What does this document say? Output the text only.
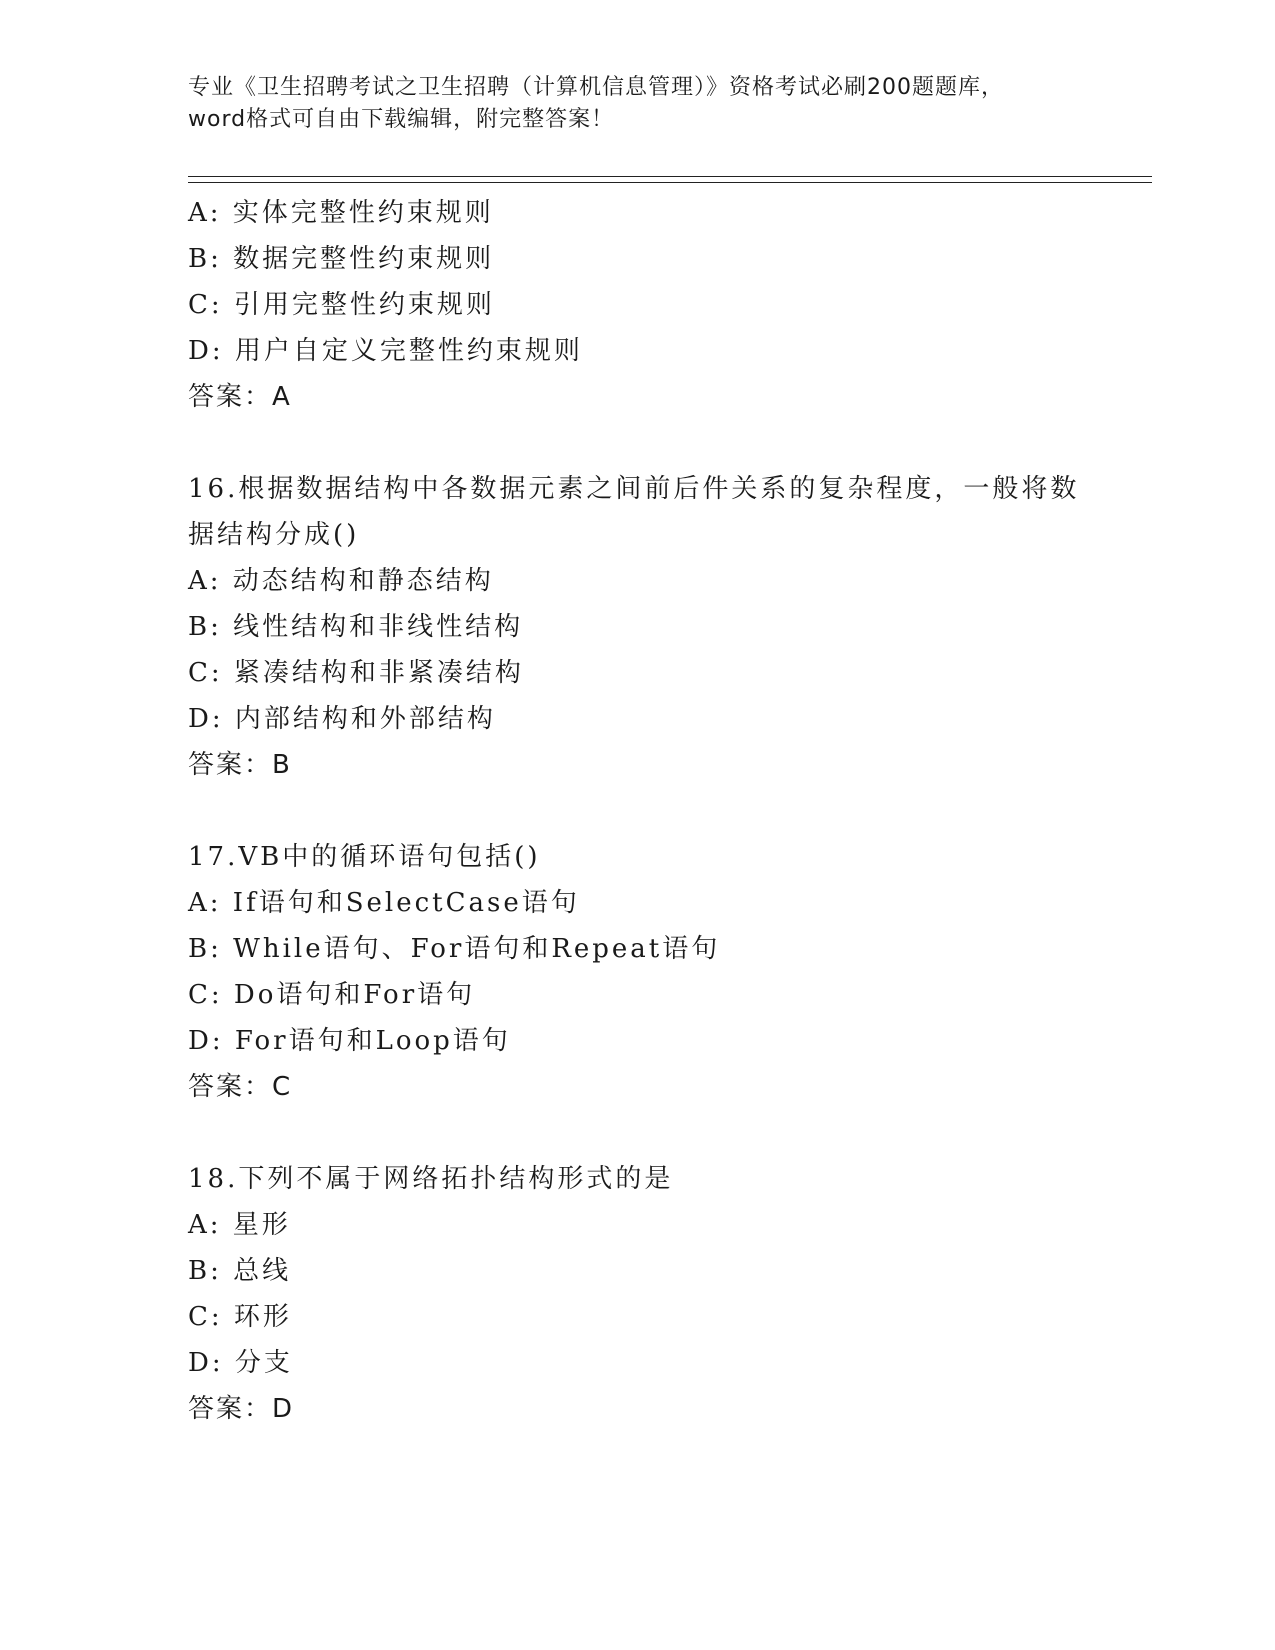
专业《卫生招聘考试之卫生招聘（计算机信息管理）》资格考试必刷200题题库，
word格式可自由下载编辑，附完整答案！
A: 实体完整性约束规则
B: 数据完整性约束规则
C: 引用完整性约束规则
D: 用户自定义完整性约束规则
答案：A
16.根据数据结构中各数据元素之间前后件关系的复杂程度，一般将数
据结构分成()
A: 动态结构和静态结构
B: 线性结构和非线性结构
C: 紧凑结构和非紧凑结构
D: 内部结构和外部结构
答案：B
17.VB中的循环语句包括()
A: If语句和SelectCase语句
B: While语句、For语句和Repeat语句
C: Do语句和For语句
D: For语句和Loop语句
答案：C
18.下列不属于网络拓扑结构形式的是
A: 星形
B: 总线
C: 环形
D: 分支
答案：D
